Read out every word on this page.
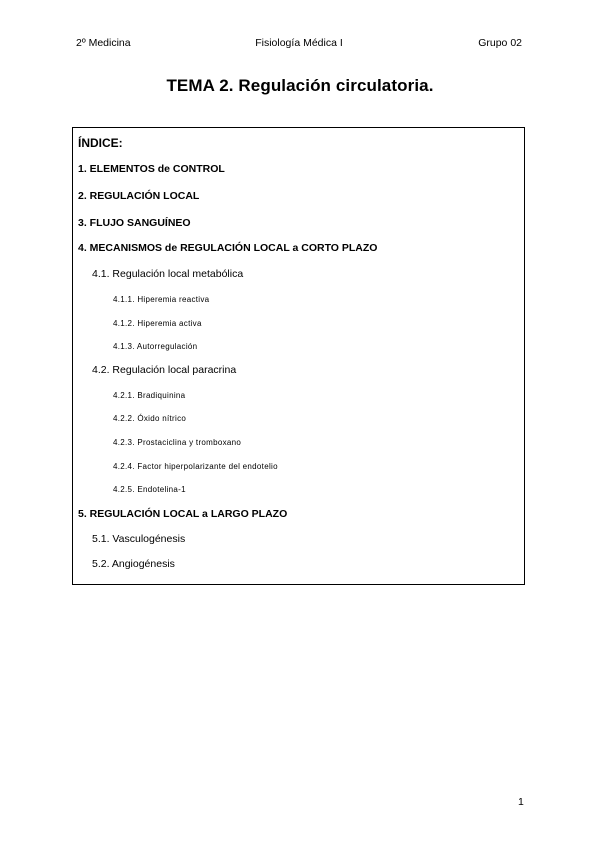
2º Medicina	Fisiología Médica I	Grupo 02
TEMA 2. Regulación circulatoria.
ÍNDICE:
1. ELEMENTOS de CONTROL
2. REGULACIÓN LOCAL
3. FLUJO SANGUÍNEO
4. MECANISMOS de REGULACIÓN LOCAL a CORTO PLAZO
4.1. Regulación local metabólica
4.1.1. Hiperemia reactiva
4.1.2. Hiperemia activa
4.1.3. Autorregulación
4.2. Regulación local paracrina
4.2.1. Bradiquinina
4.2.2. Óxido nítrico
4.2.3. Prostaciclina y tromboxano
4.2.4. Factor hiperpolarizante del endotelio
4.2.5. Endotelina-1
5. REGULACIÓN LOCAL a LARGO PLAZO
5.1. Vasculogénesis
5.2. Angiogénesis
1
